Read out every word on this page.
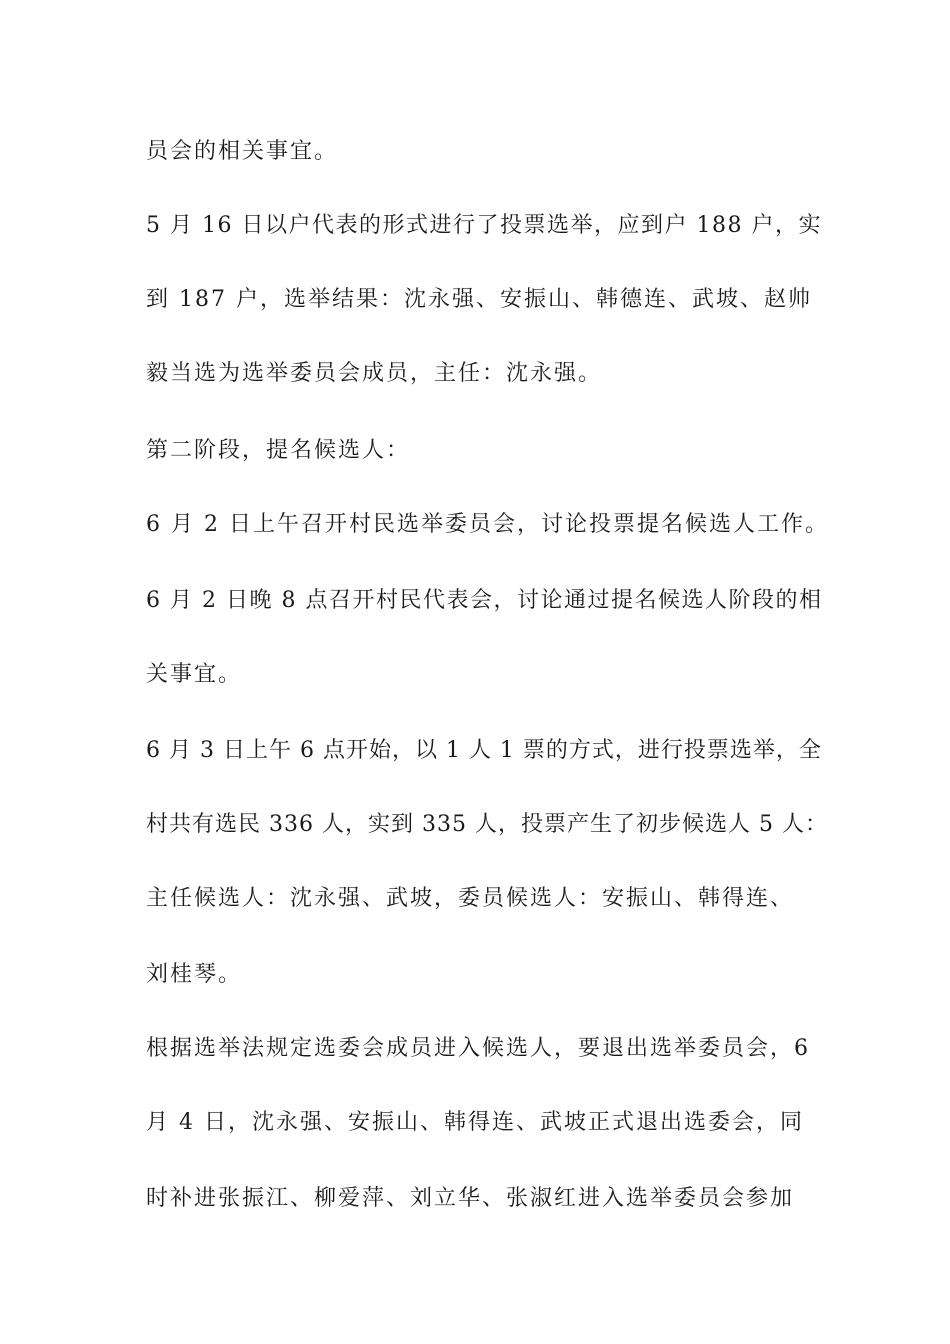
员会的相关事宜。
5 月 16 日以户代表的形式进行了投票选举，应到户 188 户，实
到 187 户，选举结果：沈永强、安振山、韩德连、武坡、赵帅
毅当选为选举委员会成员，主任：沈永强。
第二阶段，提名候选人：
6 月 2 日上午召开村民选举委员会，讨论投票提名候选人工作。
6 月 2 日晚 8 点召开村民代表会，讨论通过提名候选人阶段的相
关事宜。
6 月 3 日上午 6 点开始，以 1 人 1 票的方式，进行投票选举，全
村共有选民 336 人，实到 335 人，投票产生了初步候选人 5 人：
主任候选人：沈永强、武坡，委员候选人：安振山、韩得连、
刘桂琴。
根据选举法规定选委会成员进入候选人，要退出选举委员会，6
月 4 日，沈永强、安振山、韩得连、武坡正式退出选委会，同
时补进张振江、柳爱萍、刘立华、张淑红进入选举委员会参加
